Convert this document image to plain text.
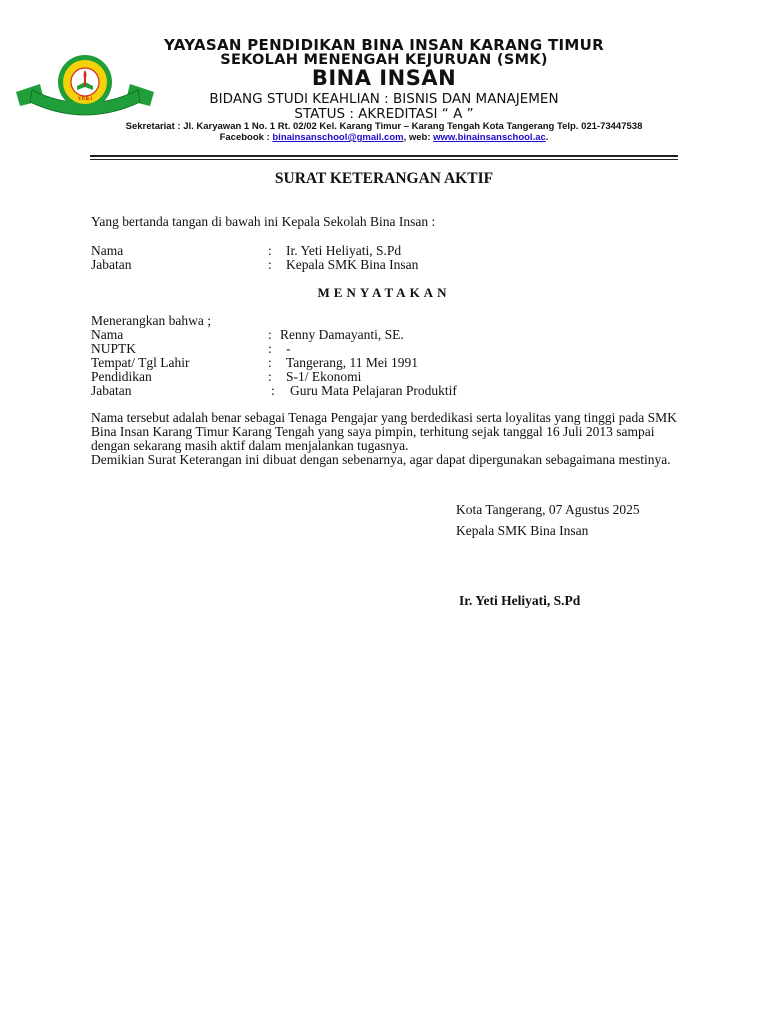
Y.P.B.I
YAYASAN PENDIDIKAN BINA INSAN KARANG TIMUR
SEKOLAH MENENGAH KEJURUAN (SMK)
BINA INSAN
BIDANG STUDI KEAHLIAN : BISNIS DAN MANAJEMEN
STATUS : AKREDITASI “ A ”
Sekretariat : Jl. Karyawan 1 No. 1 Rt. 02/02 Kel. Karang Timur – Karang Tengah Kota Tangerang Telp. 021-73447538
Facebook : binainsanschool@gmail.com, web: www.binainsanschool.ac.
SURAT KETERANGAN AKTIF
Yang bertanda tangan di bawah ini Kepala Sekolah Bina Insan :
Nama	: Ir. Yeti Heliyati, S.Pd
Jabatan	: Kepala SMK Bina Insan
MENYATAKAN
Menerangkan bahwa ;
Nama	: Renny Damayanti, SE.
NUPTK	: -
Tempat/ Tgl Lahir	: Tangerang, 11 Mei 1991
Pendidikan	: S-1/ Ekonomi
Jabatan	: Guru Mata Pelajaran Produktif
Nama tersebut adalah benar sebagai Tenaga Pengajar yang berdedikasi serta loyalitas yang tinggi pada SMK Bina Insan Karang Timur Karang Tengah yang saya pimpin, terhitung sejak tanggal 16 Juli 2013 sampai dengan sekarang masih aktif dalam menjalankan tugasnya.
Demikian Surat Keterangan ini dibuat dengan sebenarnya, agar dapat dipergunakan sebagaimana mestinya.
Kota Tangerang, 07 Agustus 2025
Kepala SMK Bina Insan
Ir. Yeti Heliyati, S.Pd
